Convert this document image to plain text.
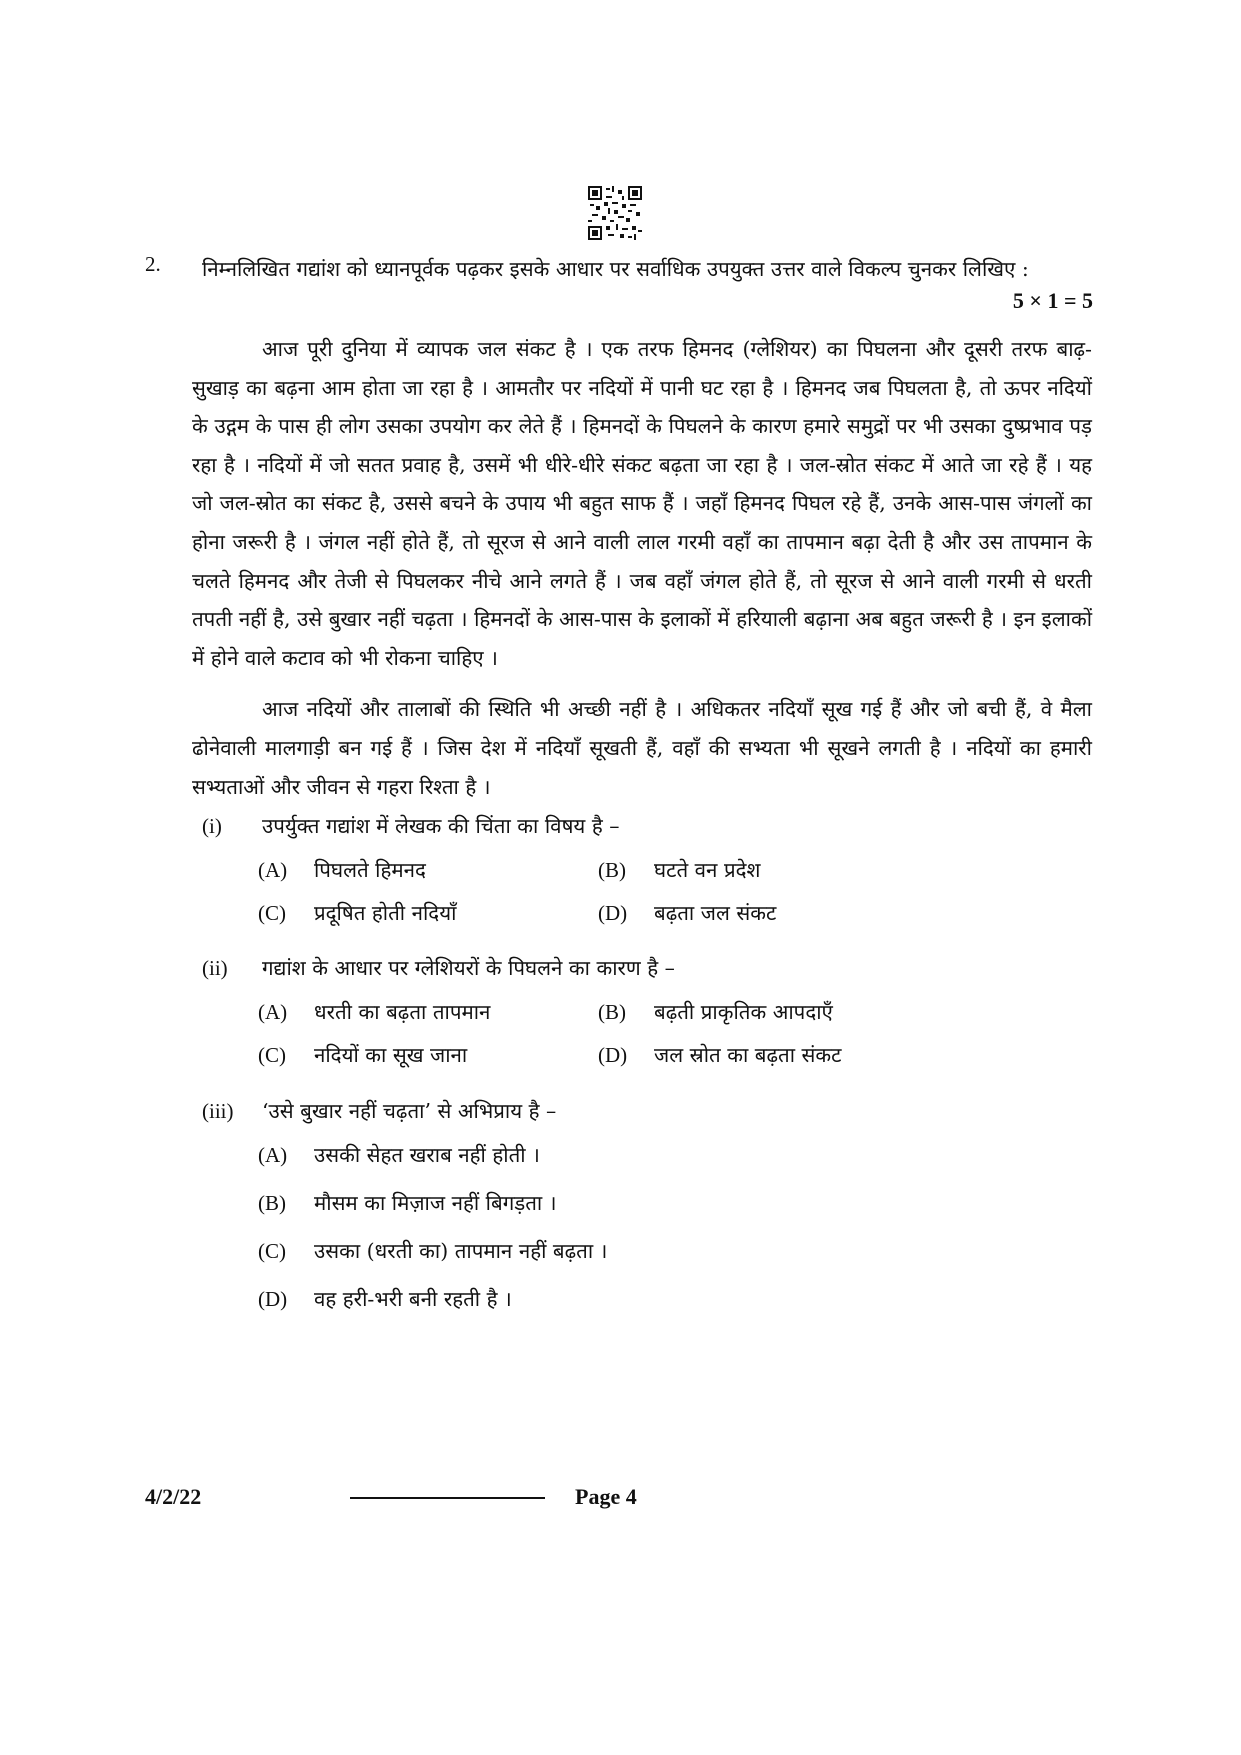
2. निम्नलिखित गद्यांश को ध्यानपूर्वक पढ़कर इसके आधार पर सर्वाधिक उपयुक्त उत्तर वाले विकल्प चुनकर लिखिए :
5 × 1 = 5

आज पूरी दुनिया में व्यापक जल संकट है । एक तरफ हिमनद (ग्लेशियर) का पिघलना और दूसरी तरफ बाढ़-सुखाड़ का बढ़ना आम होता जा रहा है । आमतौर पर नदियों में पानी घट रहा है । हिमनद जब पिघलता है, तो ऊपर नदियों के उद्गम के पास ही लोग उसका उपयोग कर लेते हैं । हिमनदों के पिघलने के कारण हमारे समुद्रों पर भी उसका दुष्प्रभाव पड़ रहा है । नदियों में जो सतत प्रवाह है, उसमें भी धीरे-धीरे संकट बढ़ता जा रहा है । जल-स्रोत संकट में आते जा रहे हैं । यह जो जल-स्रोत का संकट है, उससे बचने के उपाय भी बहुत साफ हैं । जहाँ हिमनद पिघल रहे हैं, उनके आस-पास जंगलों का होना जरूरी है । जंगल नहीं होते हैं, तो सूरज से आने वाली लाल गरमी वहाँ का तापमान बढ़ा देती है और उस तापमान के चलते हिमनद और तेजी से पिघलकर नीचे आने लगते हैं । जब वहाँ जंगल होते हैं, तो सूरज से आने वाली गरमी से धरती तपती नहीं है, उसे बुखार नहीं चढ़ता । हिमनदों के आस-पास के इलाकों में हरियाली बढ़ाना अब बहुत जरूरी है । इन इलाकों में होने वाले कटाव को भी रोकना चाहिए ।

आज नदियों और तालाबों की स्थिति भी अच्छी नहीं है । अधिकतर नदियाँ सूख गई हैं और जो बची हैं, वे मैला ढोनेवाली मालगाड़ी बन गई हैं । जिस देश में नदियाँ सूखती हैं, वहाँ की सभ्यता भी सूखने लगती है । नदियों का हमारी सभ्यताओं और जीवन से गहरा रिश्ता है ।

(i) उपर्युक्त गद्यांश में लेखक की चिंता का विषय है –
(A) पिघलते हिमनद	(B) घटते वन प्रदेश
(C) प्रदूषित होती नदियाँ	(D) बढ़ता जल संकट
(ii) गद्यांश के आधार पर ग्लेशियरों के पिघलने का कारण है –
(A) धरती का बढ़ता तापमान	(B) बढ़ती प्राकृतिक आपदाएँ
(C) नदियों का सूख जाना	(D) जल स्रोत का बढ़ता संकट
(iii) ‘उसे बुखार नहीं चढ़ता’ से अभिप्राय है –
(A) उसकी सेहत खराब नहीं होती ।
(B) मौसम का मिज़ाज नहीं बिगड़ता ।
(C) उसका (धरती का) तापमान नहीं बढ़ता ।
(D) वह हरी-भरी बनी रहती है ।
4/2/22	Page 4
